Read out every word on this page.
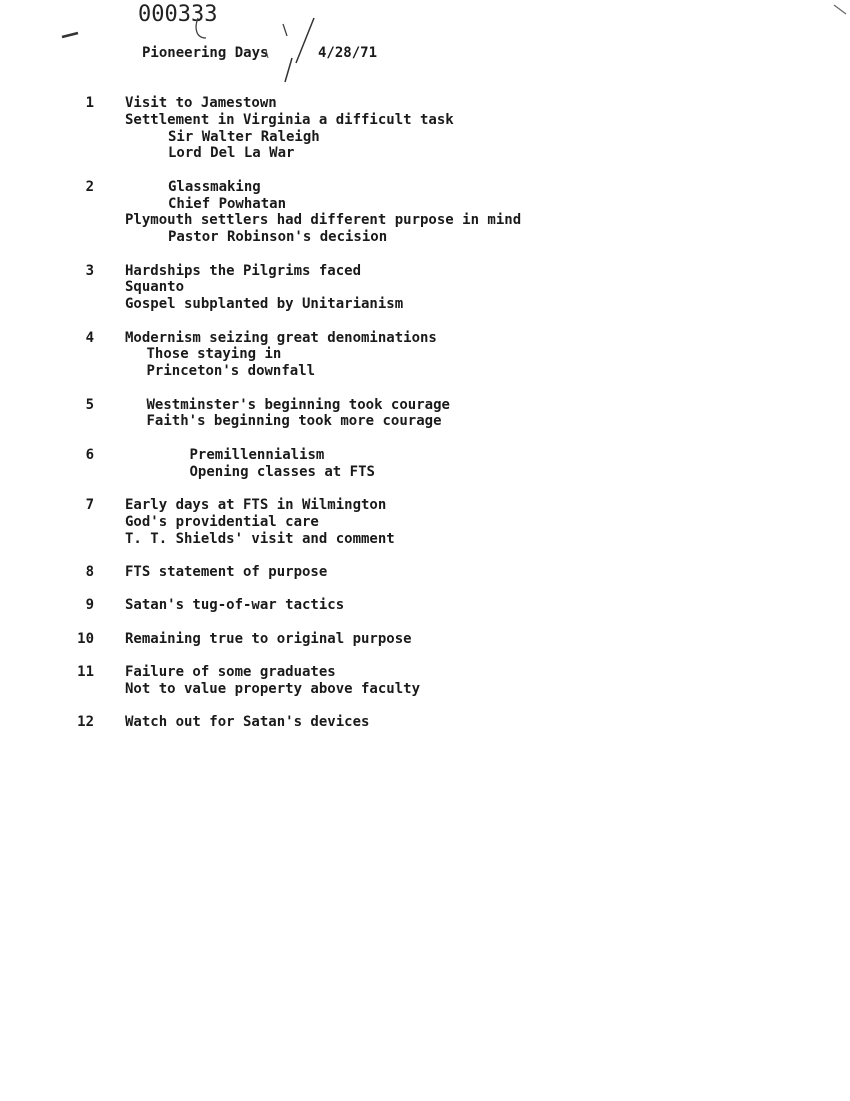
000333
Pioneering Days	4/28/71
1 Visit to Jamestown
Settlement in Virginia a difficult task
Sir Walter Raleigh
Lord Del La War
2	Glassmaking
Chief Powhatan
Plymouth settlers had different purpose in mind
Pastor Robinson's decision
3 Hardships the Pilgrims faced
Squanto
Gospel subplanted by Unitarianism
4 Modernism seizing great denominations
Those staying in
Princeton's downfall
5	Westminster's beginning took courage
Faith's beginning took more courage
6	Premillennialism
Opening classes at FTS
7 Early days at FTS in Wilmington
God's providential care
T. T. Shields' visit and comment
8 FTS statement of purpose
9 Satan's tug-of-war tactics
10 Remaining true to original purpose
11 Failure of some graduates
Not to value property above faculty
12 Watch out for Satan's devices
